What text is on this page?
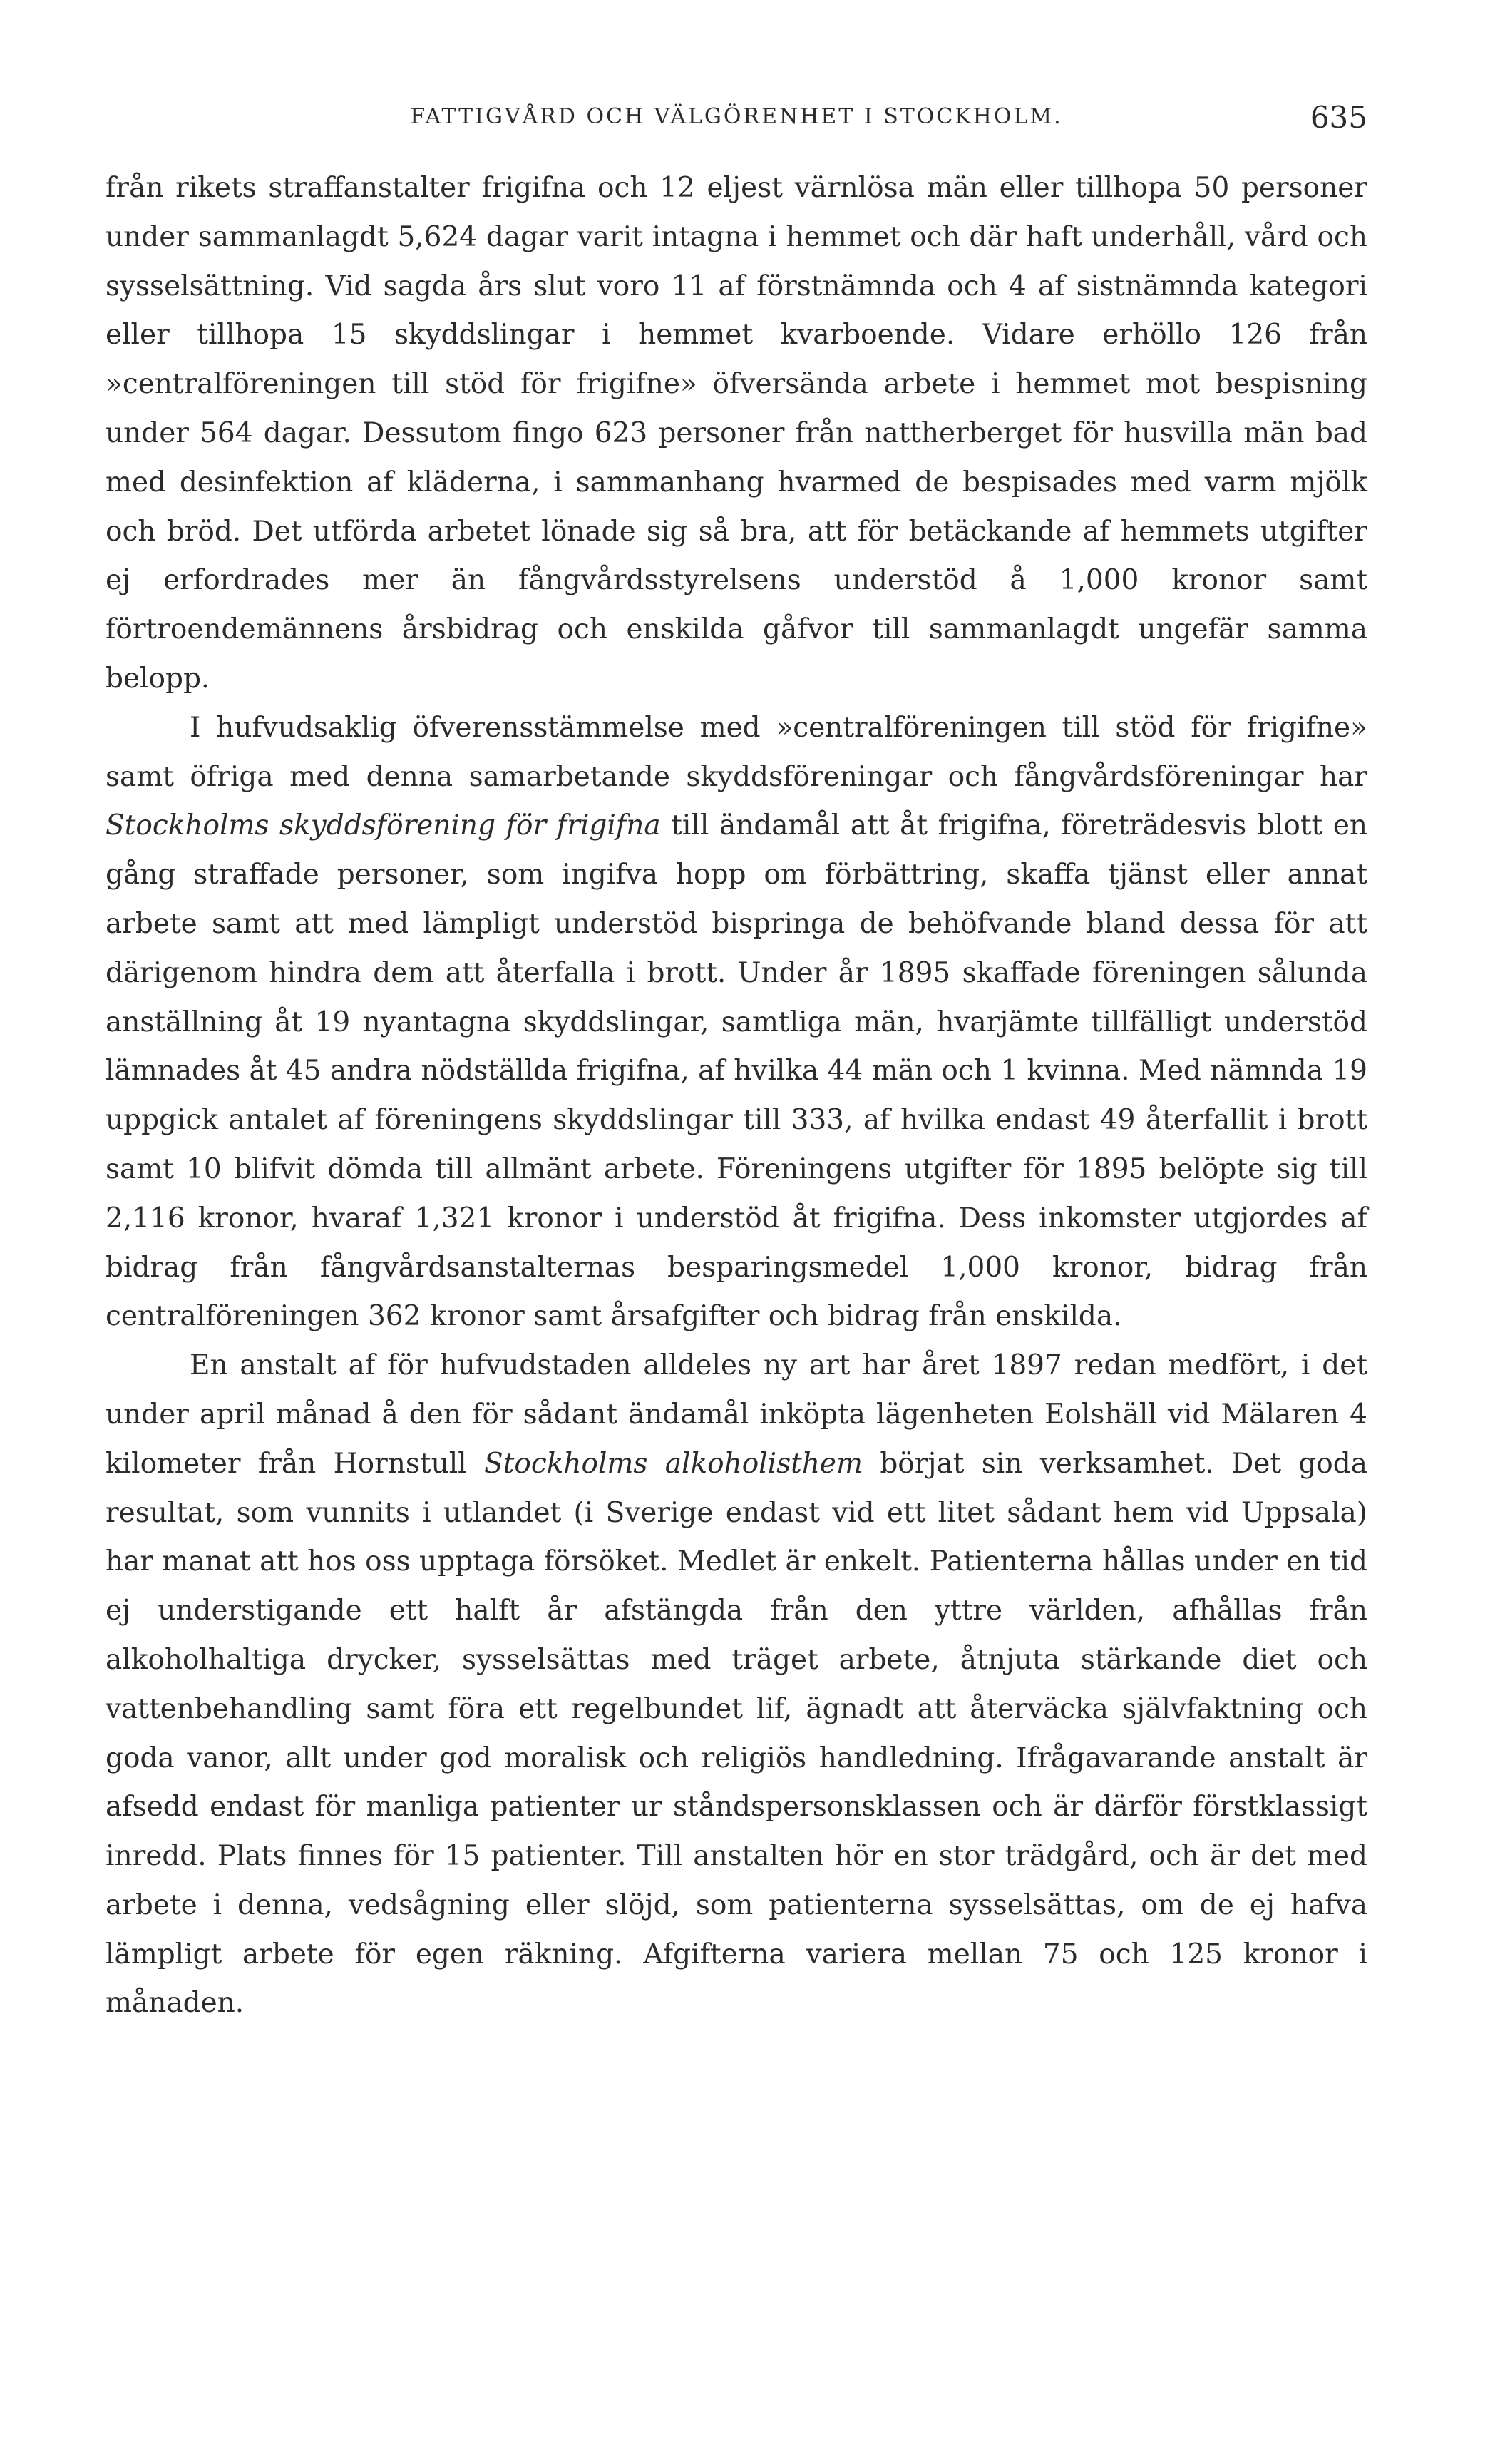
FATTIGVÅRD OCH VÄLGÖRENHET I STOCKHOLM.	635

från rikets straffanstalter frigifna och 12 eljest värnlösa män eller tillhopa 50 personer under sammanlagdt 5,624 dagar varit intagna i hemmet och där haft underhåll, vård och sysselsättning. Vid sagda års slut voro 11 af förstnämnda och 4 af sistnämnda kategori eller tillhopa 15 skyddslingar i hemmet kvarboende. Vidare erhöllo 126 från »centralföreningen till stöd för frigifne» öfversända arbete i hemmet mot bespisning under 564 dagar. Dessutom fingo 623 personer från nattherberget för husvilla män bad med desinfektion af kläderna, i sammanhang hvarmed de bespisades med varm mjölk och bröd. Det utförda arbetet lönade sig så bra, att för betäckande af hemmets utgifter ej erfordrades mer än fångvårdsstyrelsens understöd å 1,000 kronor samt förtroendemännens årsbidrag och enskilda gåfvor till sammanlagdt ungefär samma belopp.

I hufvudsaklig öfverensstämmelse med »centralföreningen till stöd för frigifne» samt öfriga med denna samarbetande skyddsföreningar och fångvårdsföreningar har Stockholms skyddsförening för frigifna till ändamål att åt frigifna, företrädesvis blott en gång straffade personer, som ingifva hopp om förbättring, skaffa tjänst eller annat arbete samt att med lämpligt understöd bispringa de behöfvande bland dessa för att därigenom hindra dem att återfalla i brott. Under år 1895 skaffade föreningen sålunda anställning åt 19 nyantagna skyddslingar, samtliga män, hvarjämte tillfälligt understöd lämnades åt 45 andra nödställda frigifna, af hvilka 44 män och 1 kvinna. Med nämnda 19 uppgick antalet af föreningens skyddslingar till 333, af hvilka endast 49 återfallit i brott samt 10 blifvit dömda till allmänt arbete. Föreningens utgifter för 1895 belöpte sig till 2,116 kronor, hvaraf 1,321 kronor i understöd åt frigifna. Dess inkomster utgjordes af bidrag från fångvårdsanstalternas besparingsmedel 1,000 kronor, bidrag från centralföreningen 362 kronor samt årsafgifter och bidrag från enskilda.

En anstalt af för hufvudstaden alldeles ny art har året 1897 redan medfört, i det under april månad å den för sådant ändamål inköpta lägenheten Eolshäll vid Mälaren 4 kilometer från Hornstull Stockholms alkoholisthem börjat sin verksamhet. Det goda resultat, som vunnits i utlandet (i Sverige endast vid ett litet sådant hem vid Uppsala) har manat att hos oss upptaga försöket. Medlet är enkelt. Patienterna hållas under en tid ej understigande ett halft år afstängda från den yttre världen, afhållas från alkoholhaltiga drycker, sysselsättas med träget arbete, åtnjuta stärkande diet och vattenbehandling samt föra ett regelbundet lif, ägnadt att återväcka självfaktning och goda vanor, allt under god moralisk och religiös handledning. Ifrågavarande anstalt är afsedd endast för manliga patienter ur ståndspersonsklassen och är därför förstklassigt inredd. Plats finnes för 15 patienter. Till anstalten hör en stor trädgård, och är det med arbete i denna, vedsågning eller slöjd, som patienterna sysselsättas, om de ej hafva lämpligt arbete för egen räkning. Afgifterna variera mellan 75 och 125 kronor i månaden.
